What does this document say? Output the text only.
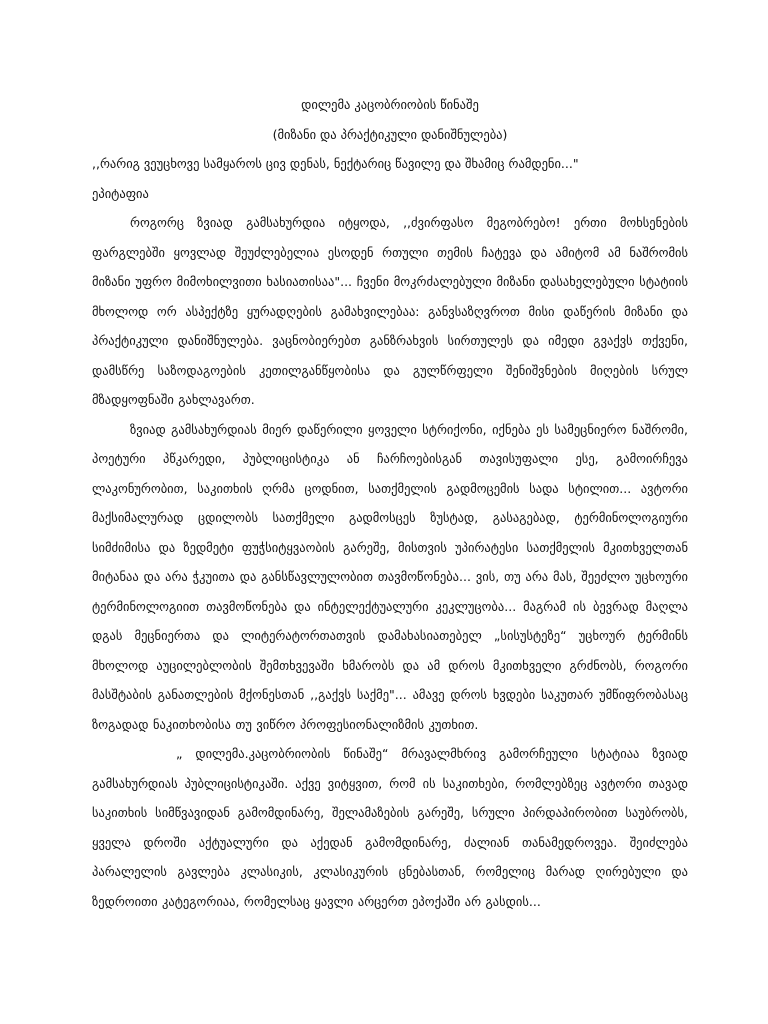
დილემა კაცობრიობის წინაშე

(მიზანი და პრაქტიკული დანიშნულება)

,,რარიგ ვეუცხოვე სამყაროს ცივ დენას, ნექტარიც წავილე და შხამიც რამდენი..."

ეპიტაფია

როგორც ზვიად გამსახურდია იტყოდა, ,,ძვირფასო მეგობრებო! ერთი მოხსენების ფარგლებში ყოვლად შეუძლებელია ესოდენ რთული თემის ჩატევა და ამიტომ ამ ნაშრომის მიზანი უფრო მიმოხილვითი ხასიათისაა"... ჩვენი მოკრძალებული მიზანი დასახელებული სტატიის მხოლოდ ორ ასპექტზე ყურადღების გამახვილებაა: განვსაზღვროთ მისი დაწერის მიზანი და პრაქტიკული დანიშნულება. ვაცნობიერებთ განზრახვის სირთულეს და იმედი გვაქვს თქვენი, დამსწრე საზოდაგოების კეთილგანწყობისა და გულწრფელი შენიშვნების მიღების სრულ მზადყოფნაში გახლავართ.

ზვიად გამსახურდიას მიერ დაწერილი ყოველი სტრიქონი, იქნება ეს სამეცნიერო ნაშრომი, პოეტური პწკარედი, პუბლიცისტიკა ან ჩარჩოებისგან თავისუფალი ესე, გამოირჩევა ლაკონურობით, საკითხის ღრმა ცოდნით, სათქმელის გადმოცემის სადა სტილით... ავტორი მაქსიმალურად ცდილობს სათქმელი გადმოსცეს ზუსტად, გასაგებად, ტერმინოლოგიური სიმძიმისა და ზედმეტი ფუჭსიტყვაობის გარეშე, მისთვის უპირატესი სათქმელის მკითხველთან მიტანაა და არა ჭკუითა და განსწავლულობით თავმოწონება... ვის, თუ არა მას, შეეძლო უცხოური ტერმინოლოგიით თავმოწონება და ინტელექტუალური კეკლუცობა... მაგრამ ის ბევრად მაღლა დგას მეცნიერთა და ლიტერატორთათვის დამახასიათებელ „სისუსტეზე“ უცხოურ ტერმინს მხოლოდ აუცილებლობის შემთხვევაში ხმარობს და ამ დროს მკითხველი გრძნობს, როგორი მასშტაბის განათლების მქონესთან ,,გაქვს საქმე"... ამავე დროს ხვდები საკუთარ უმწიფრობასაც ზოგადად ნაკითხობისა თუ ვიწრო პროფესიონალიზმის კუთხით.

„ დილემა.კაცობრიობის წინაშე“ მრავალმხრივ გამორჩეული სტატიაა ზვიად გამსახურდიას პუბლიცისტიკაში. აქვე ვიტყვით, რომ ის საკითხები, რომლებზეც ავტორი თავად საკითხის სიმწვავიდან გამომდინარე, შელამაზების გარეშე, სრული პირდაპირობით საუბრობს, ყველა დროში აქტუალური და აქედან გამომდინარე, ძალიან თანამედროვეა. შეიძლება პარალელის გავლება კლასიკის, კლასიკურის ცნებასთან, რომელიც მარად ღირებული და ზედროითი კატეგორიაა, რომელსაც ყავლი არცერთ ეპოქაში არ გასდის...
